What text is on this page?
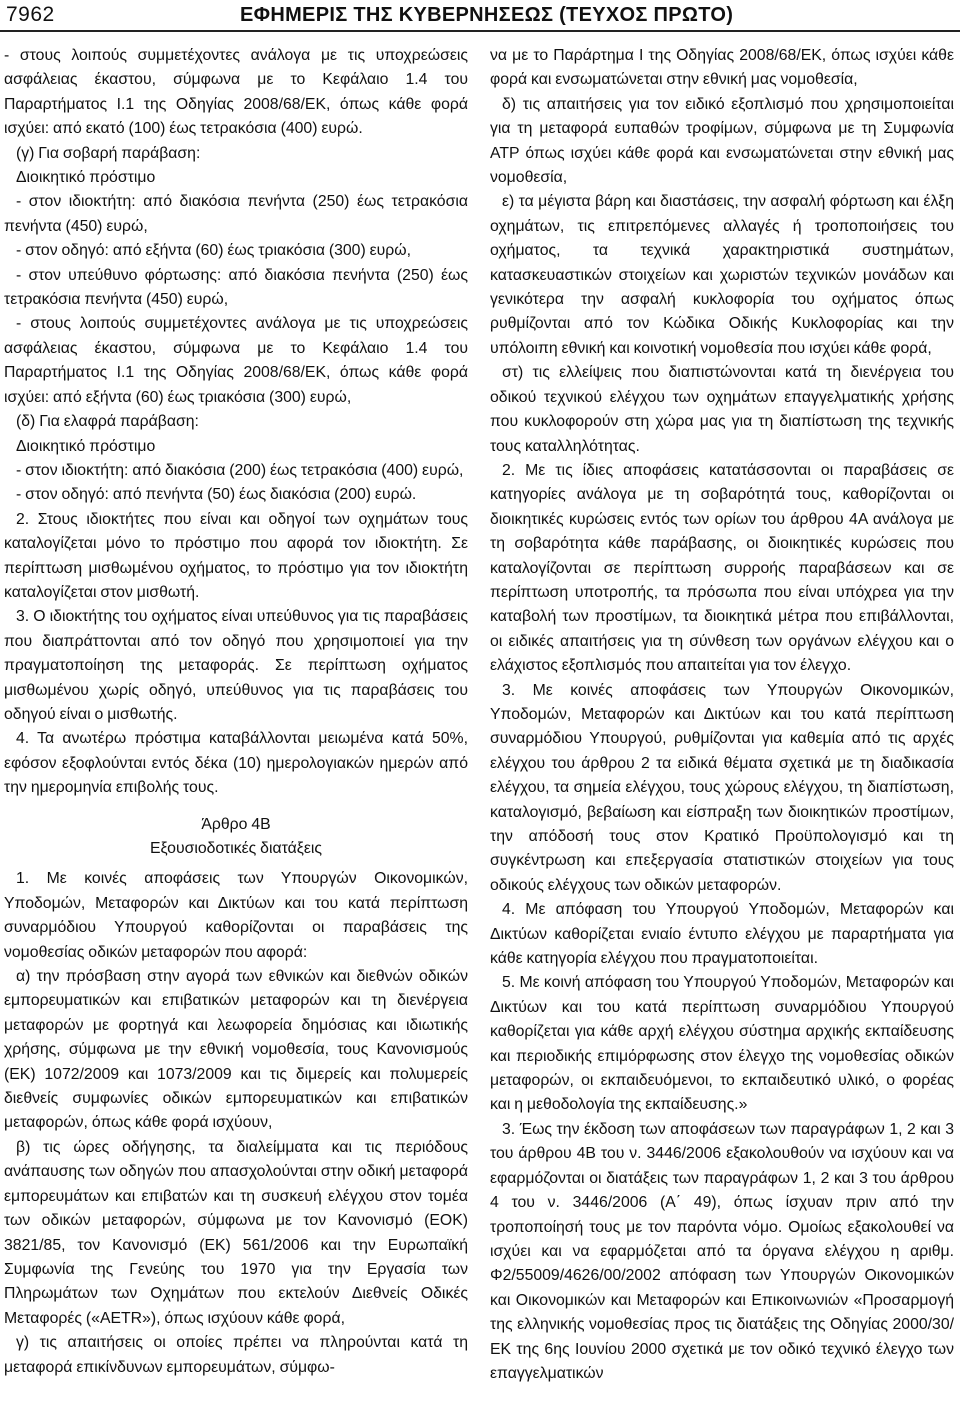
7962	ΕΦΗΜΕΡΙΣ ΤΗΣ ΚΥΒΕΡΝΗΣΕΩΣ (ΤΕΥΧΟΣ ΠΡΩΤΟ)

- στους λοιπούς συμμετέχοντες ανάλογα με τις υποχρεώσεις ασφάλειας έκαστου, σύμφωνα με το Κεφάλαιο 1.4 του Παραρτήματος Ι.1 της Οδηγίας 2008/68/ΕΚ, όπως κάθε φορά ισχύει: από εκατό (100) έως τετρακόσια (400) ευρώ.

(γ) Για σοβαρή παράβαση:

Διοικητικό πρόστιμο

- στον ιδιοκτήτη: από διακόσια πενήντα (250) έως τετρακόσια πενήντα (450) ευρώ,

- στον οδηγό: από εξήντα (60) έως τριακόσια (300) ευρώ,

- στον υπεύθυνο φόρτωσης: από διακόσια πενήντα (250) έως τετρακόσια πενήντα (450) ευρώ,

- στους λοιπούς συμμετέχοντες ανάλογα με τις υποχρεώσεις ασφάλειας έκαστου, σύμφωνα με το Κεφάλαιο 1.4 του Παραρτήματος Ι.1 της Οδηγίας 2008/68/ΕΚ, όπως κάθε φορά ισχύει: από εξήντα (60) έως τριακόσια (300) ευρώ,

(δ) Για ελαφρά παράβαση:

Διοικητικό πρόστιμο

- στον ιδιοκτήτη: από διακόσια (200) έως τετρακόσια (400) ευρώ,

- στον οδηγό: από πενήντα (50) έως διακόσια (200) ευρώ.

2. Στους ιδιοκτήτες που είναι και οδηγοί των οχημάτων τους καταλογίζεται μόνο το πρόστιμο που αφορά τον ιδιοκτήτη. Σε περίπτωση μισθωμένου οχήματος, το πρόστιμο για τον ιδιοκτήτη καταλογίζεται στον μισθωτή.

3. Ο ιδιοκτήτης του οχήματος είναι υπεύθυνος για τις παραβάσεις που διαπράττονται από τον οδηγό που χρησιμοποιεί για την πραγματοποίηση της μεταφοράς. Σε περίπτωση οχήματος μισθωμένου χωρίς οδηγό, υπεύθυνος για τις παραβάσεις του οδηγού είναι ο μισθωτής.

4. Τα ανωτέρω πρόστιμα καταβάλλονται μειωμένα κατά 50%, εφόσον εξοφλούνται εντός δέκα (10) ημερολογιακών ημερών από την ημερομηνία επιβολής τους.

Άρθρο 4Β

Εξουσιοδοτικές διατάξεις

1. Με κοινές αποφάσεις των Υπουργών Οικονομικών, Υποδομών, Μεταφορών και Δικτύων και του κατά περίπτωση συναρμόδιου Υπουργού καθορίζονται οι παραβάσεις της νομοθεσίας οδικών μεταφορών που αφορά:

α) την πρόσβαση στην αγορά των εθνικών και διεθνών οδικών εμπορευματικών και επιβατικών μεταφορών και τη διενέργεια μεταφορών με φορτηγά και λεωφορεία δημόσιας και ιδιωτικής χρήσης, σύμφωνα με την εθνική νομοθεσία, τους Κανονισμούς (ΕΚ) 1072/2009 και 1073/2009 και τις διμερείς και πολυμερείς διεθνείς συμφωνίες οδικών εμπορευματικών και επιβατικών μεταφορών, όπως κάθε φορά ισχύουν,

β) τις ώρες οδήγησης, τα διαλείμματα και τις περιόδους ανάπαυσης των οδηγών που απασχολούνται στην οδική μεταφορά εμπορευμάτων και επιβατών και τη συσκευή ελέγχου στον τομέα των οδικών μεταφορών, σύμφωνα με τον Κανονισμό (ΕΟΚ) 3821/85, τον Κανονισμό (ΕΚ) 561/2006 και την Ευρωπαϊκή Συμφωνία της Γενεύης του 1970 για την Εργασία των Πληρωμάτων των Οχημάτων που εκτελούν Διεθνείς Οδικές Μεταφορές («AETR»), όπως ισχύουν κάθε φορά,

γ) τις απαιτήσεις οι οποίες πρέπει να πληρούνται κατά τη μεταφορά επικίνδυνων εμπορευμάτων, σύμφω-

να με το Παράρτημα Ι της Οδηγίας 2008/68/ΕΚ, όπως ισχύει κάθε φορά και ενσωματώνεται στην εθνική μας νομοθεσία,

δ) τις απαιτήσεις για τον ειδικό εξοπλισμό που χρησιμοποιείται για τη μεταφορά ευπαθών τροφίμων, σύμφωνα με τη Συμφωνία ATP όπως ισχύει κάθε φορά και ενσωματώνεται στην εθνική μας νομοθεσία,

ε) τα μέγιστα βάρη και διαστάσεις, την ασφαλή φόρτωση και έλξη οχημάτων, τις επιτρεπόμενες αλλαγές ή τροποποιήσεις του οχήματος, τα τεχνικά χαρακτηριστικά συστημάτων, κατασκευαστικών στοιχείων και χωριστών τεχνικών μονάδων και γενικότερα την ασφαλή κυκλοφορία του οχήματος όπως ρυθμίζονται από τον Κώδικα Οδικής Κυκλοφορίας και την υπόλοιπη εθνική και κοινοτική νομοθεσία που ισχύει κάθε φορά,

στ) τις ελλείψεις που διαπιστώνονται κατά τη διενέργεια του οδικού τεχνικού ελέγχου των οχημάτων επαγγελματικής χρήσης που κυκλοφορούν στη χώρα μας για τη διαπίστωση της τεχνικής τους καταλληλότητας.

2. Με τις ίδιες αποφάσεις κατατάσσονται οι παραβάσεις σε κατηγορίες ανάλογα με τη σοβαρότητά τους, καθορίζονται οι διοικητικές κυρώσεις εντός των ορίων του άρθρου 4Α ανάλογα με τη σοβαρότητα κάθε παράβασης, οι διοικητικές κυρώσεις που καταλογίζονται σε περίπτωση συρροής παραβάσεων και σε περίπτωση υποτροπής, τα πρόσωπα που είναι υπόχρεα για την καταβολή των προστίμων, τα διοικητικά μέτρα που επιβάλλονται, οι ειδικές απαιτήσεις για τη σύνθεση των οργάνων ελέγχου και ο ελάχιστος εξοπλισμός που απαιτείται για τον έλεγχο.

3. Με κοινές αποφάσεις των Υπουργών Οικονομικών, Υποδομών, Μεταφορών και Δικτύων και του κατά περίπτωση συναρμόδιου Υπουργού, ρυθμίζονται για καθεμία από τις αρχές ελέγχου του άρθρου 2 τα ειδικά θέματα σχετικά με τη διαδικασία ελέγχου, τα σημεία ελέγχου, τους χώρους ελέγχου, τη διαπίστωση, καταλογισμό, βεβαίωση και είσπραξη των διοικητικών προστίμων, την απόδοσή τους στον Κρατικό Προϋπολογισμό και τη συγκέντρωση και επεξεργασία στατιστικών στοιχείων για τους οδικούς ελέγχους των οδικών μεταφορών.

4. Με απόφαση του Υπουργού Υποδομών, Μεταφορών και Δικτύων καθορίζεται ενιαίο έντυπο ελέγχου με παραρτήματα για κάθε κατηγορία ελέγχου που πραγματοποιείται.

5. Με κοινή απόφαση του Υπουργού Υποδομών, Μεταφορών και Δικτύων και του κατά περίπτωση συναρμόδιου Υπουργού καθορίζεται για κάθε αρχή ελέγχου σύστημα αρχικής εκπαίδευσης και περιοδικής επιμόρφωσης στον έλεγχο της νομοθεσίας οδικών μεταφορών, οι εκπαιδευόμενοι, το εκπαιδευτικό υλικό, ο φορέας και η μεθοδολογία της εκπαίδευσης.»

3. Έως την έκδοση των αποφάσεων των παραγράφων 1, 2 και 3 του άρθρου 4Β του ν. 3446/2006 εξακολουθούν να ισχύουν και να εφαρμόζονται οι διατάξεις των παραγράφων 1, 2 και 3 του άρθρου 4 του ν. 3446/2006 (Α΄ 49), όπως ίσχυαν πριν από την τροποποίησή τους με τον παρόντα νόμο. Ομοίως εξακολουθεί να ισχύει και να εφαρμόζεται από τα όργανα ελέγχου η αριθμ. Φ2/55009/4626/00/2002 απόφαση των Υπουργών Οικονομικών και Οικονομικών και Μεταφορών και Επικοινωνιών «Προσαρμογή της ελληνικής νομοθεσίας προς τις διατάξεις της Οδηγίας 2000/30/ΕΚ της 6ης Ιουνίου 2000 σχετικά με τον οδικό τεχνικό έλεγχο των επαγγελματικών
